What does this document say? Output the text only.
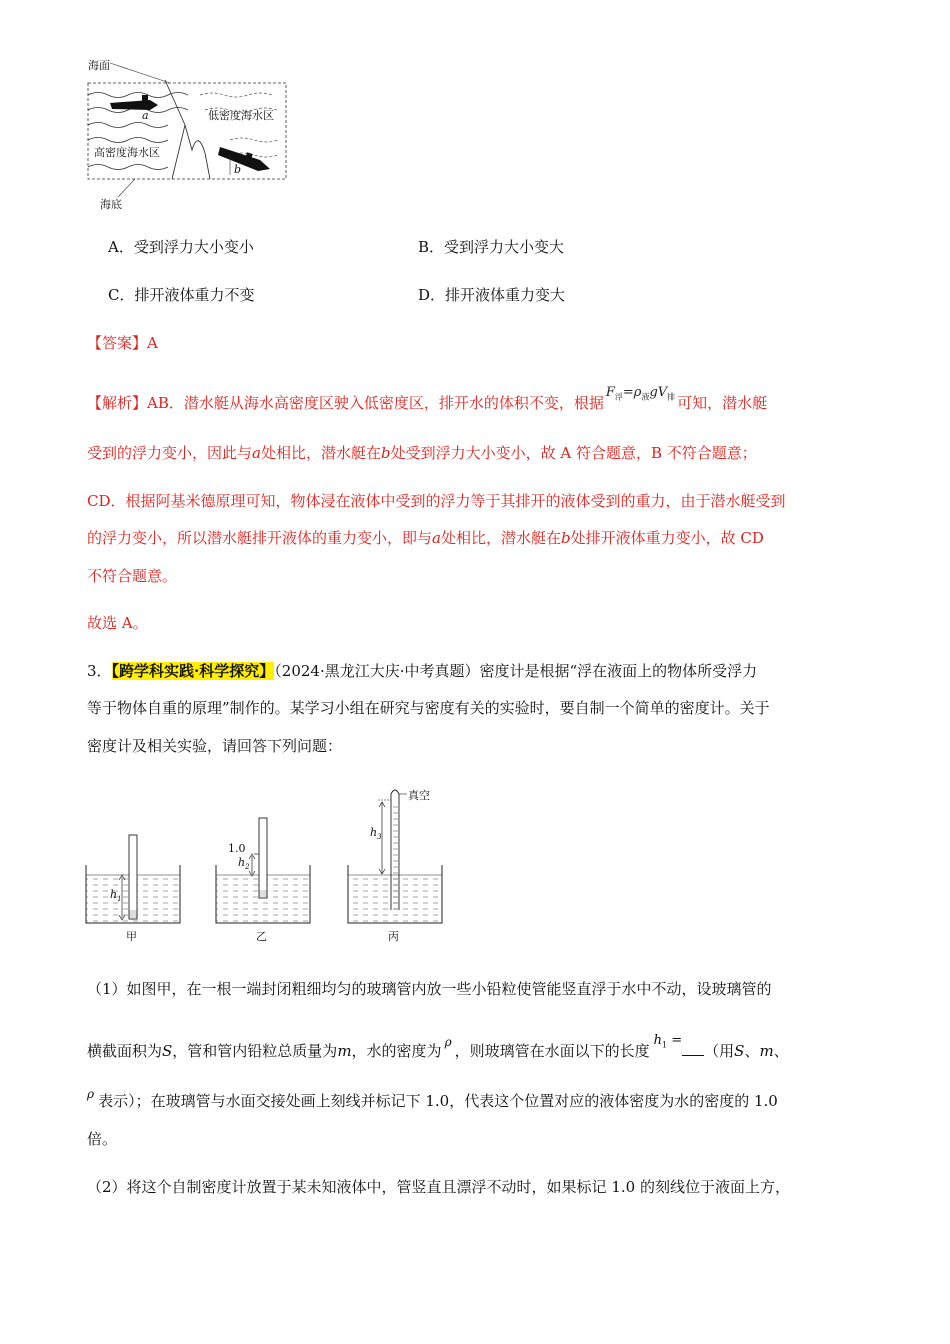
海面
海底
低密度海水区
高密度海水区
a
b
A．受到浮力大小变小	B．受到浮力大小变大
C．排开液体重力不变	D．排开液体重力变大
【答案】A
【解析】AB．潜水艇从海水高密度区驶入低密度区，排开水的体积不变，根据$F_浮=\rho_液gV_排$ 可知，潜水艇
受到的浮力变小，因此与a处相比，潜水艇在b处受到浮力大小变小，故 A 符合题意，B 不符合题意；
CD．根据阿基米德原理可知，物体浸在液体中受到的浮力等于其排开的液体受到的重力，由于潜水艇受到
的浮力变小，所以潜水艇排开液体的重力变小，即与a处相比，潜水艇在b处排开液体重力变小，故 CD
不符合题意。
故选 A。
3．【跨学科实践·科学探究】（2024·黑龙江大庆·中考真题）密度计是根据“浮在液面上的物体所受浮力
等于物体自重的原理”制作的。某学习小组在研究与密度有关的实验时，要自制一个简单的密度计。关于
密度计及相关实验，请回答下列问题：
1.0
$h_1$
$h_2$
$h_3$
真空
甲	乙	丙
（1）如图甲，在一根一端封闭粗细均匀的玻璃管内放一些小铅粒使管能竖直浮于水中不动，设玻璃管的
横截面积为S，管和管内铅粒总质量为m，水的密度为 $^\rho$ ，则玻璃管在水面以下的长度$h_1$ =（用S、m、
$^\rho$ 表示）；在玻璃管与水面交接处画上刻线并标记下 1.0，代表这个位置对应的液体密度为水的密度的 1.0
倍。
（2）将这个自制密度计放置于某未知液体中，管竖直且漂浮不动时，如果标记 1.0 的刻线位于液面上方，
